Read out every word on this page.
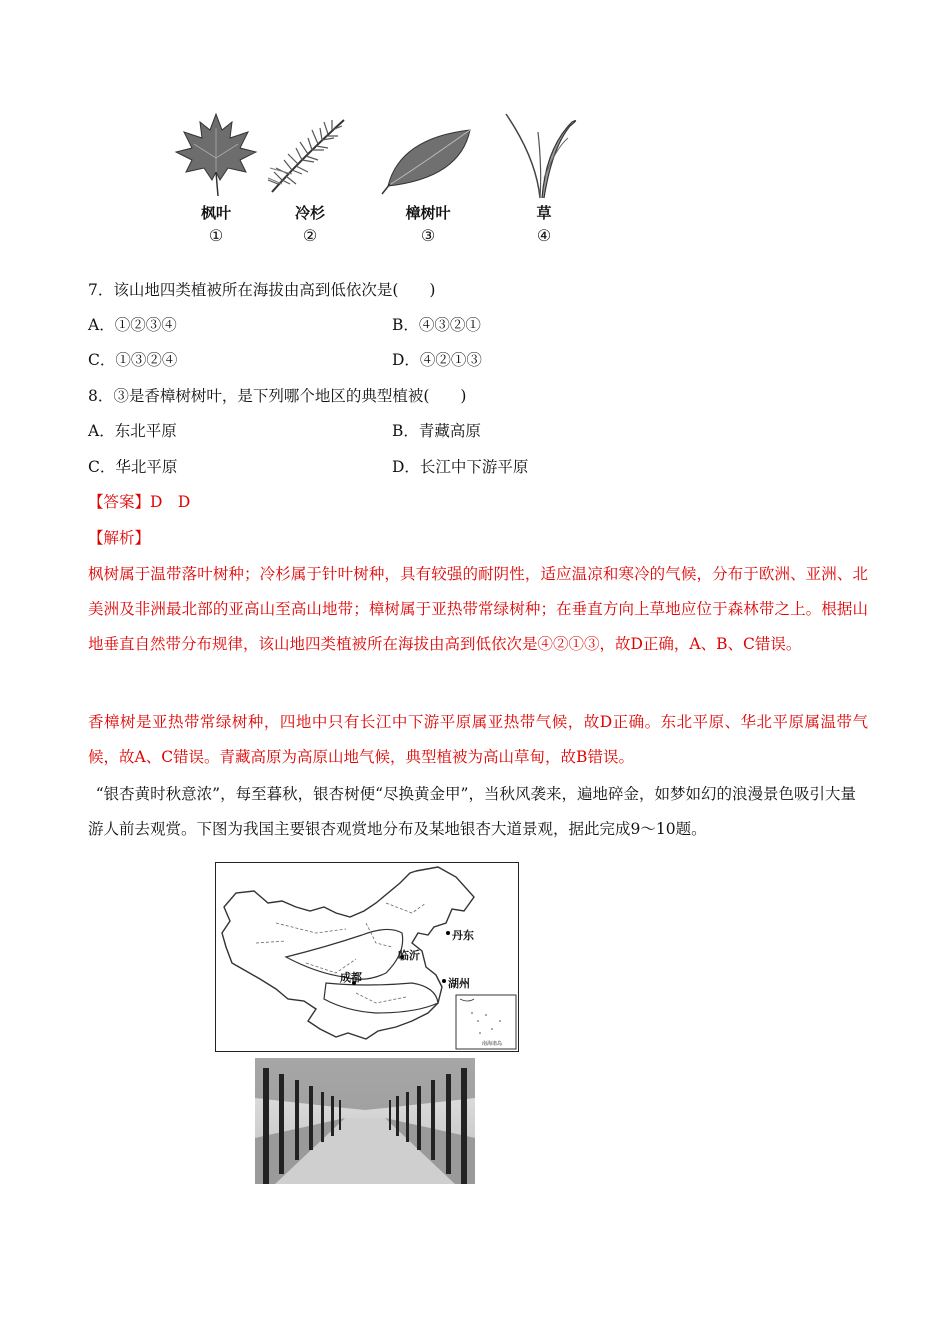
枫叶	冷杉	樟树叶	草
①	②	③	④
7．该山地四类植被所在海拔由高到低依次是(　　)
A．①②③④	B．④③②①
C．①③②④	D．④②①③
8．③是香樟树树叶，是下列哪个地区的典型植被(　　)
A．东北平原	B．青藏高原
C．华北平原	D．长江中下游平原
【答案】D　D
【解析】
枫树属于温带落叶树种；冷杉属于针叶树种，具有较强的耐阴性，适应温凉和寒冷的气候，分布于欧洲、亚洲、北美洲及非洲最北部的亚高山至高山地带；樟树属于亚热带常绿树种；在垂直方向上草地应位于森林带之上。根据山地垂直自然带分布规律，该山地四类植被所在海拔由高到低依次是④②①③，故D正确，A、B、C错误。
香樟树是亚热带常绿树种，四地中只有长江中下游平原属亚热带气候，故D正确。东北平原、华北平原属温带气候，故A、C错误。青藏高原为高原山地气候，典型植被为高山草甸，故B错误。
“银杏黄时秋意浓”，每至暮秋，银杏树便“尽换黄金甲”，当秋风袭来，遍地碎金，如梦如幻的浪漫景色吸引大量游人前去观赏。下图为我国主要银杏观赏地分布及某地银杏大道景观，据此完成9～10题。
丹东
临沂
成都	湖州
南海诸岛
